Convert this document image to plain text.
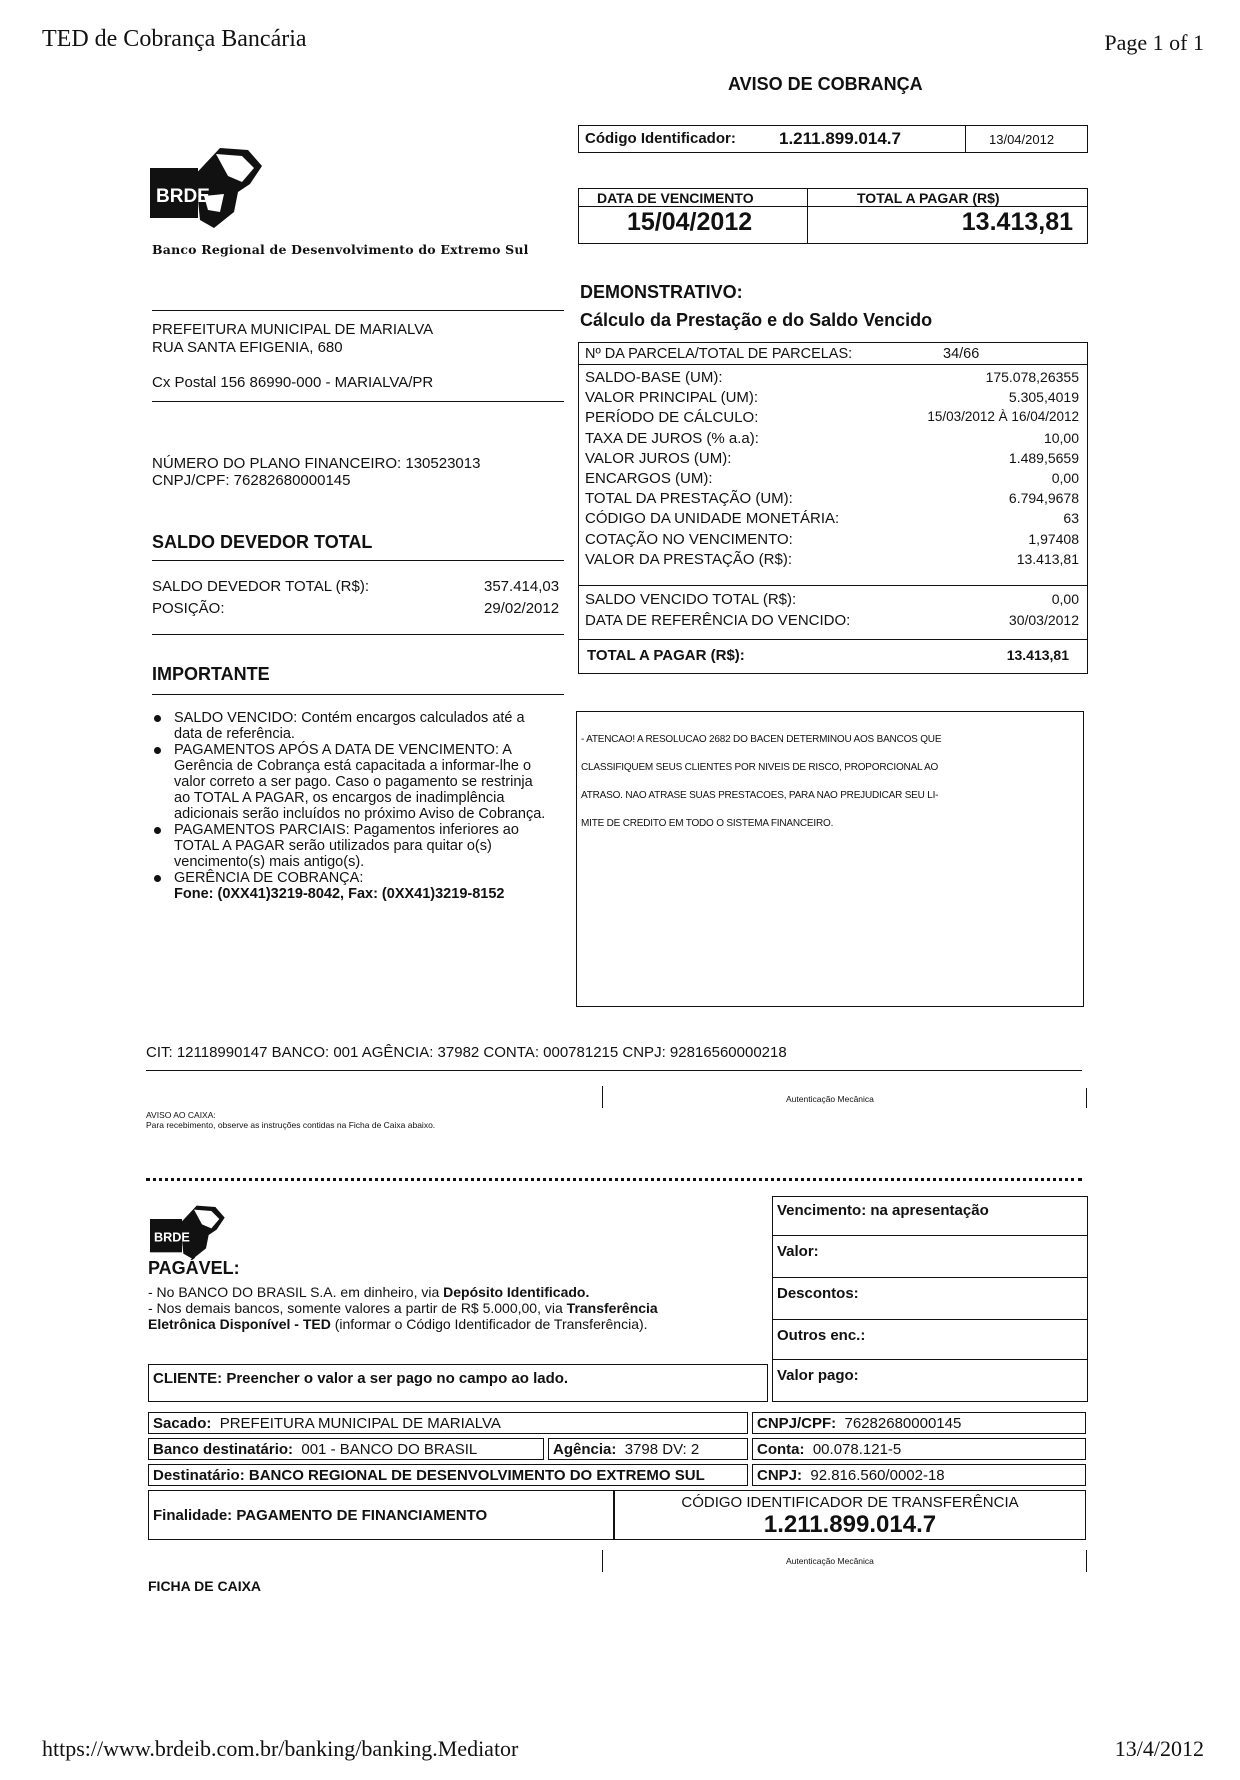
TED de Cobrança Bancária	Page 1 of 1
BRDE
Banco Regional de Desenvolvimento do Extremo Sul
AVISO DE COBRANÇA
Código Identificador:	1.211.899.014.7	13/04/2012
DATA DE VENCIMENTO
15/04/2012
TOTAL A PAGAR (R$)
13.413,81
DEMONSTRATIVO:
Cálculo da Prestação e do Saldo Vencido
Nº DA PARCELA/TOTAL DE PARCELAS:	34/66
SALDO-BASE (UM):	175.078,26355
VALOR PRINCIPAL (UM):	5.305,4019
PERÍODO DE CÁLCULO:	15/03/2012 À 16/04/2012
TAXA DE JUROS (% a.a):	10,00
VALOR JUROS (UM):	1.489,5659
ENCARGOS (UM):	0,00
TOTAL DA PRESTAÇÃO (UM):	6.794,9678
CÓDIGO DA UNIDADE MONETÁRIA:	63
COTAÇÃO NO VENCIMENTO:	1,97408
VALOR DA PRESTAÇÃO (R$):	13.413,81
SALDO VENCIDO TOTAL (R$):	0,00
DATA DE REFERÊNCIA DO VENCIDO:	30/03/2012
TOTAL A PAGAR (R$):	13.413,81
PREFEITURA MUNICIPAL DE MARIALVA
RUA SANTA EFIGENIA, 680
Cx Postal 156 86990-000 - MARIALVA/PR
NÚMERO DO PLANO FINANCEIRO: 130523013
CNPJ/CPF: 76282680000145
SALDO DEVEDOR TOTAL
SALDO DEVEDOR TOTAL (R$):	357.414,03
POSIÇÃO:	29/02/2012
IMPORTANTE
SALDO VENCIDO: Contém encargos calculados até a data de referência.
PAGAMENTOS APÓS A DATA DE VENCIMENTO: A Gerência de Cobrança está capacitada a informar-lhe o valor correto a ser pago. Caso o pagamento se restrinja ao TOTAL A PAGAR, os encargos de inadimplência adicionais serão incluídos no próximo Aviso de Cobrança.
PAGAMENTOS PARCIAIS: Pagamentos inferiores ao TOTAL A PAGAR serão utilizados para quitar o(s) vencimento(s) mais antigo(s).
GERÊNCIA DE COBRANÇA:
Fone: (0XX41)3219-8042, Fax: (0XX41)3219-8152
- ATENCAO! A RESOLUCAO 2682 DO BACEN DETERMINOU AOS BANCOS QUE
CLASSIFIQUEM SEUS CLIENTES POR NIVEIS DE RISCO, PROPORCIONAL AO
ATRASO. NAO ATRASE SUAS PRESTACOES, PARA NAO PREJUDICAR SEU LI-
MITE DE CREDITO EM TODO O SISTEMA FINANCEIRO.
CIT: 12118990147 BANCO: 001 AGÊNCIA: 37982 CONTA: 000781215 CNPJ: 92816560000218
AVISO AO CAIXA:
Para recebimento, observe as instruções contidas na Ficha de Caixa abaixo.
Autenticação Mecânica
BRDE
PAGÁVEL:
- No BANCO DO BRASIL S.A. em dinheiro, via Depósito Identificado.
- Nos demais bancos, somente valores a partir de R$ 5.000,00, via Transferência
Eletrônica Disponível - TED (informar o Código Identificador de Transferência).
CLIENTE: Preencher o valor a ser pago no campo ao lado.
Vencimento: na apresentação
Valor:
Descontos:
Outros enc.:
Valor pago:
Sacado:
PREFEITURA MUNICIPAL DE MARIALVA	CNPJ/CPF:
76282680000145
Banco destinatário:
001 - BANCO DO BRASIL	Agência:
3798 DV: 2	Conta:
00.078.121-5
Destinatário:
BANCO REGIONAL DE DESENVOLVIMENTO DO EXTREMO SUL	CNPJ:
92.816.560/0002-18
Finalidade:
PAGAMENTO DE FINANCIAMENTO
CÓDIGO IDENTIFICADOR DE TRANSFERÊNCIA
1.211.899.014.7
Autenticação Mecânica
FICHA DE CAIXA
https://www.brdeib.com.br/banking/banking.Mediator	13/4/2012
